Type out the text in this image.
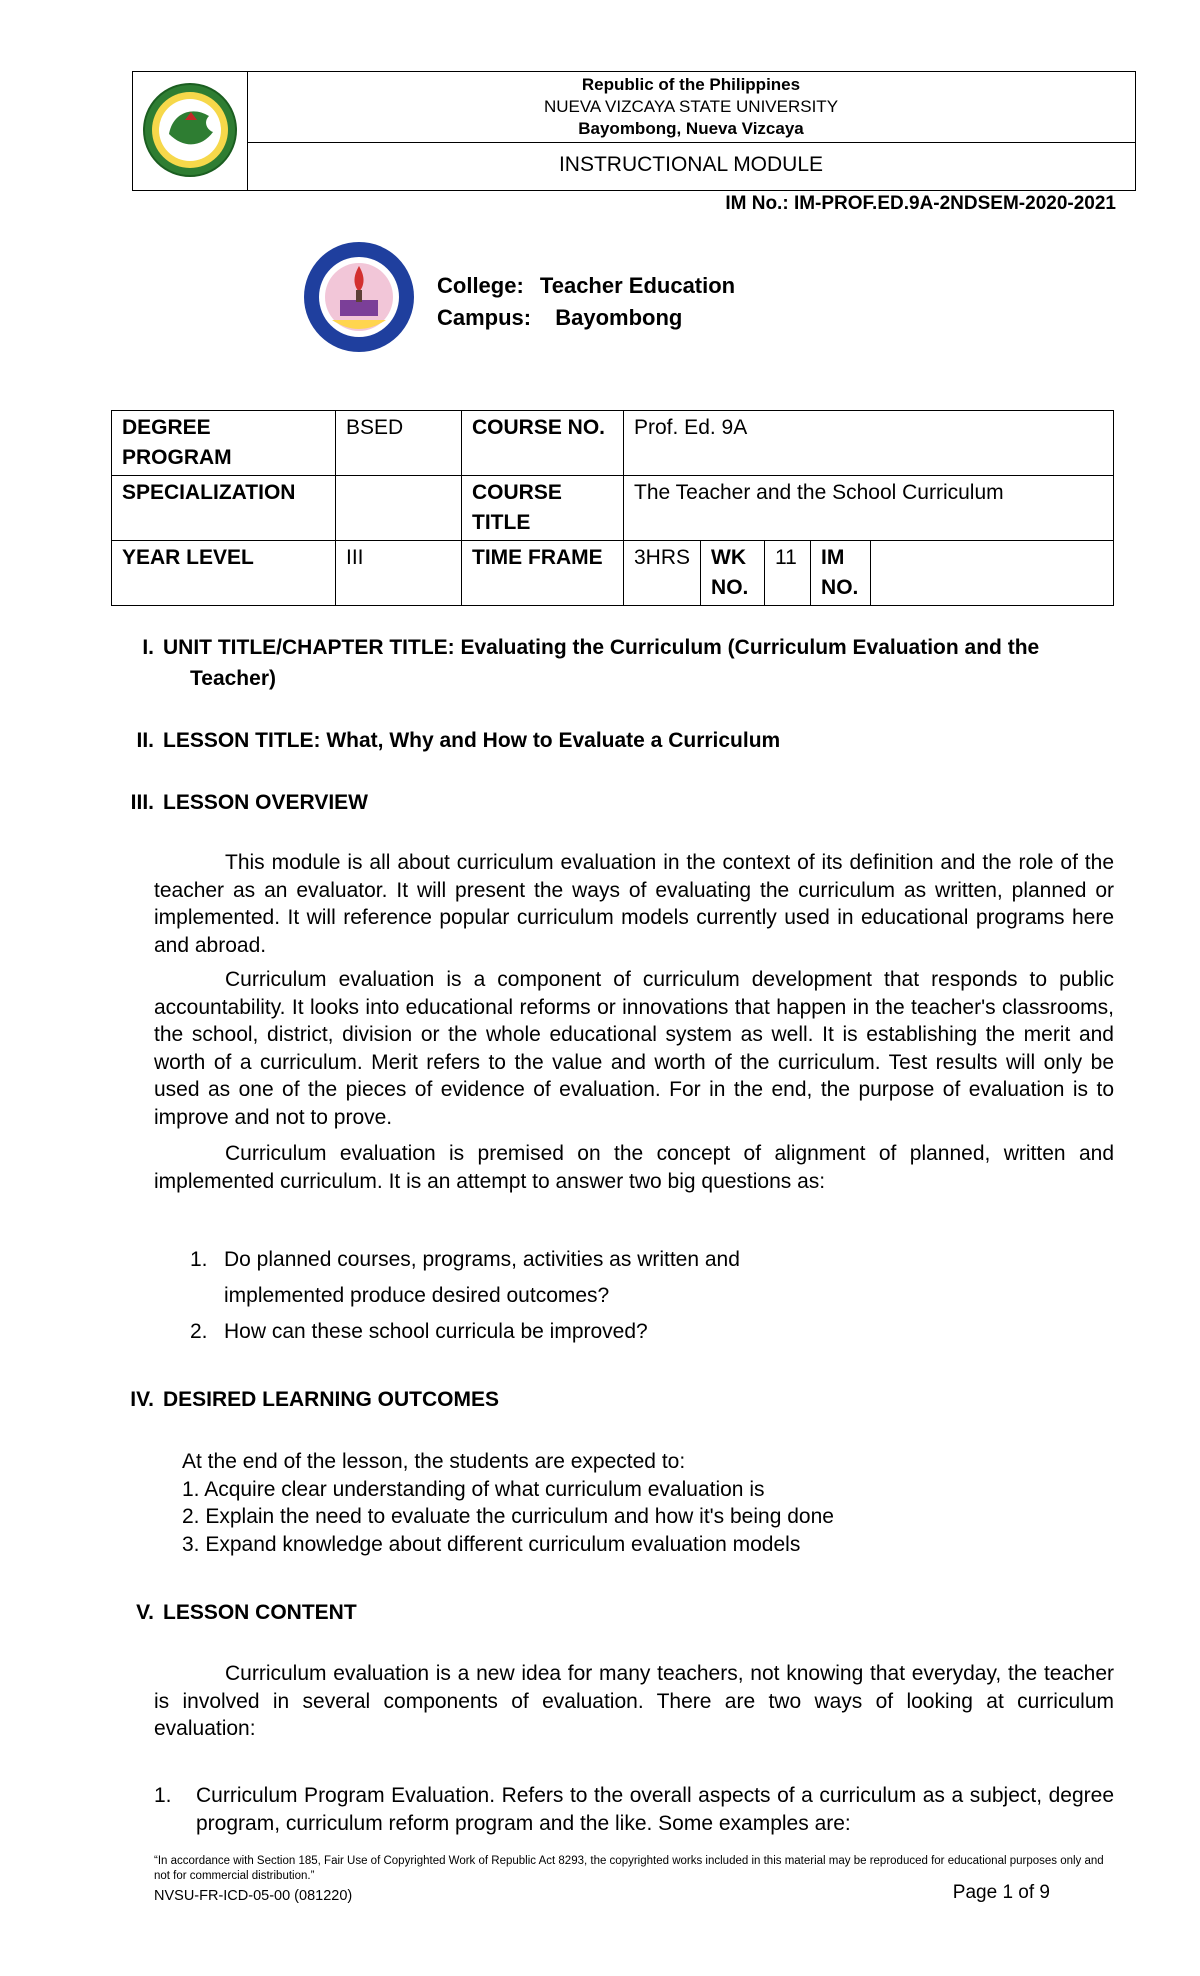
Republic of the Philippines
NUEVA VIZCAYA STATE UNIVERSITY
Bayombong, Nueva Vizcaya
INSTRUCTIONAL MODULE
IM No.: IM-PROF.ED.9A-2NDSEM-2020-2021
College: Teacher Education
Campus: Bayombong
DEGREE PROGRAM	BSED	COURSE NO.	Prof. Ed. 9A				
SPECIALIZATION		COURSE TITLE	The Teacher and the School Curriculum				
YEAR LEVEL	III	TIME FRAME	3HRS	WK NO.	11	IM NO.	
I. UNIT TITLE/CHAPTER TITLE: Evaluating the Curriculum (Curriculum Evaluation and the Teacher)
II. LESSON TITLE: What, Why and How to Evaluate a Curriculum
III. LESSON OVERVIEW
This module is all about curriculum evaluation in the context of its definition and the role of the teacher as an evaluator. It will present the ways of evaluating the curriculum as written, planned or implemented. It will reference popular curriculum models currently used in educational programs here and abroad.
Curriculum evaluation is a component of curriculum development that responds to public accountability. It looks into educational reforms or innovations that happen in the teacher's classrooms, the school, district, division or the whole educational system as well. It is establishing the merit and worth of a curriculum. Merit refers to the value and worth of the curriculum. Test results will only be used as one of the pieces of evidence of evaluation. For in the end, the purpose of evaluation is to improve and not to prove.
Curriculum evaluation is premised on the concept of alignment of planned, written and implemented curriculum. It is an attempt to answer two big questions as:
1. Do planned courses, programs, activities as written and
implemented produce desired outcomes?
2. How can these school curricula be improved?
IV. DESIRED LEARNING OUTCOMES
At the end of the lesson, the students are expected to:
1. Acquire clear understanding of what curriculum evaluation is
2. Explain the need to evaluate the curriculum and how it's being done
3. Expand knowledge about different curriculum evaluation models
V. LESSON CONTENT
Curriculum evaluation is a new idea for many teachers, not knowing that everyday, the teacher is involved in several components of evaluation. There are two ways of looking at curriculum evaluation:
1. Curriculum Program Evaluation. Refers to the overall aspects of a curriculum as a subject, degree program, curriculum reform program and the like. Some examples are:
“In accordance with Section 185, Fair Use of Copyrighted Work of Republic Act 8293, the copyrighted works included in this material may be reproduced for educational purposes only and not for commercial distribution.”
NVSU-FR-ICD-05-00 (081220)	Page 1 of 9
